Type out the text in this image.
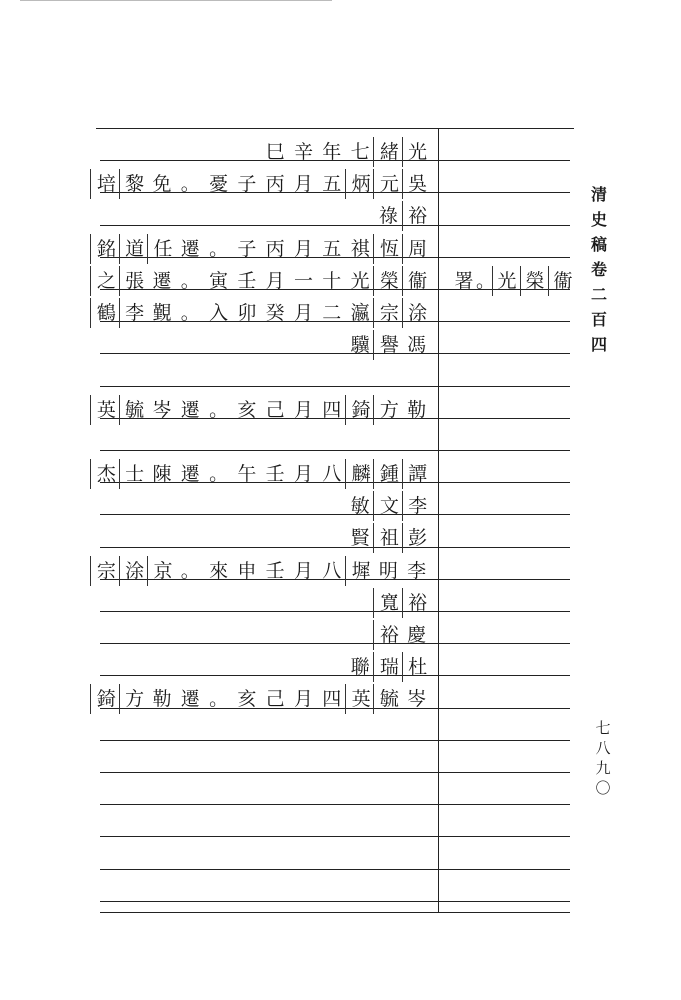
巳 辛 年 七 緒 光
培 黎 免 。 憂 子 丙 月 五 炳 元 吳
祿 裕
銘 道 任 遷 。 子 丙 月 五 祺 恆 周
之 張 遷 。 寅 壬 月 一 十 光 榮 衞
鶴 李 覲 。 入 卯 癸 月 二 瀛 宗 涂
驥 譽 馮
英 毓 岑 遷 。 亥 己 月 四 錡 方 勒
杰 士 陳 遷 。 午 壬 月 八 麟 鍾 譚
敏 文 李
賢 祖 彭
宗 涂 京 。 來 申 壬 月 八 墀 明 李
寬 裕
裕 慶
聯 瑞 杜
錡 方 勒 遷 。 亥 己 月 四 英 毓 岑
署 。 光 榮 衞
清
史
稿
卷
二
百
四
七
八
九
〇
